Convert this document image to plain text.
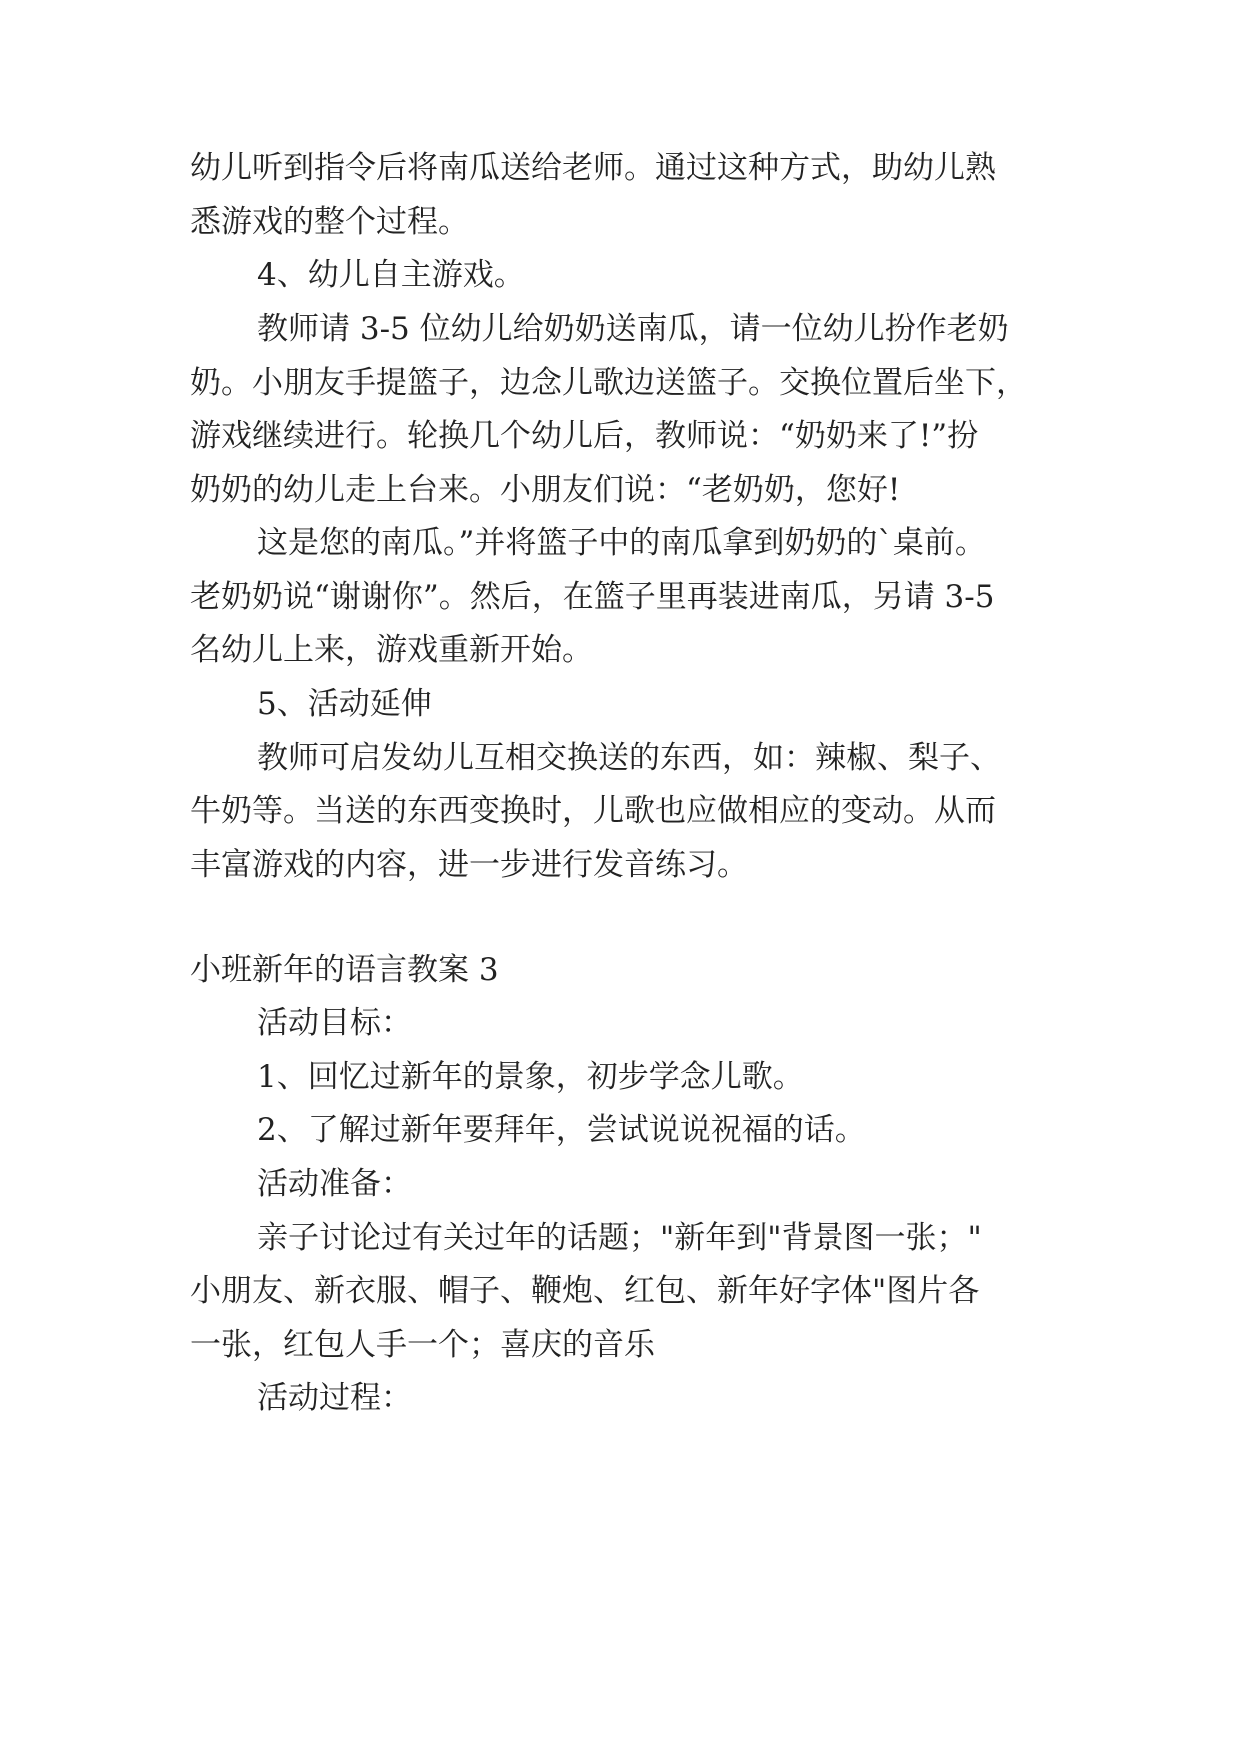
幼儿听到指令后将南瓜送给老师。通过这种方式，助幼儿熟
悉游戏的整个过程。
4、幼儿自主游戏。
教师请 3-5 位幼儿给奶奶送南瓜，请一位幼儿扮作老奶
奶。小朋友手提篮子，边念儿歌边送篮子。交换位置后坐下，
游戏继续进行。轮换几个幼儿后，教师说：“奶奶来了!”扮
奶奶的幼儿走上台来。小朋友们说：“老奶奶，您好!
这是您的南瓜。”并将篮子中的南瓜拿到奶奶的`桌前。
老奶奶说“谢谢你”。然后，在篮子里再装进南瓜，另请 3-5
名幼儿上来，游戏重新开始。
5、活动延伸
教师可启发幼儿互相交换送的东西，如：辣椒、梨子、
牛奶等。当送的东西变换时，儿歌也应做相应的变动。从而
丰富游戏的内容，进一步进行发音练习。
小班新年的语言教案 3
活动目标：
1、回忆过新年的景象，初步学念儿歌。
2、了解过新年要拜年，尝试说说祝福的话。
活动准备：
亲子讨论过有关过年的话题；"新年到"背景图一张；"
小朋友、新衣服、帽子、鞭炮、红包、新年好字体"图片各
一张，红包人手一个；喜庆的音乐
活动过程：
